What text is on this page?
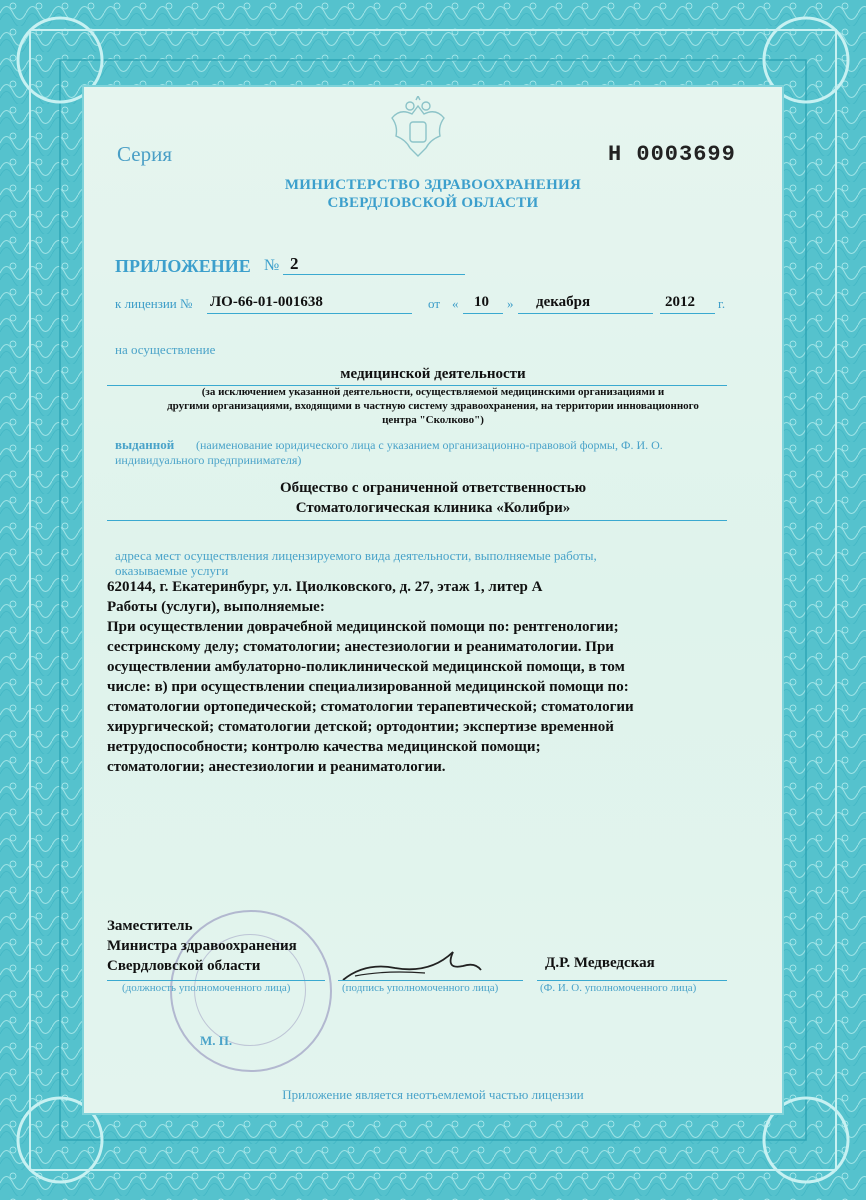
Серия	Н 0003699

МИНИСТЕРСТВО ЗДРАВООХРАНЕНИЯ

СВЕРДЛОВСКОЙ ОБЛАСТИ

ПРИЛОЖЕНИЕ № 2

к лицензии № ЛО-66-01-001638	от « 10 » декабря	2012 г.

на осуществление

медицинской деятельности

(за исключением указанной деятельности, осуществляемой медицинскими организациями и

другими организациями, входящими в частную систему здравоохранения, на территории инновационного

центра "Сколково")

выданной (наименование юридического лица с указанием организационно-правовой формы, Ф. И. О.

индивидуального предпринимателя)

Общество с ограниченной ответственностью

Стоматологическая клиника «Колибри»

адреса мест осуществления лицензируемого вида деятельности, выполняемые работы,

оказываемые услуги

620144, г. Екатеринбург, ул. Циолковского, д. 27, этаж 1, литер А

Работы (услуги), выполняемые:

При осуществлении доврачебной медицинской помощи по: рентгенологии;

сестринскому делу; стоматологии; анестезиологии и реаниматологии. При

осуществлении амбулаторно-поликлинической медицинской помощи, в том

числе: в) при осуществлении специализированной медицинской помощи по:

стоматологии ортопедической; стоматологии терапевтической; стоматологии

хирургической; стоматологии детской; ортодонтии; экспертизе временной

нетрудоспособности; контролю качества медицинской помощи;

стоматологии; анестезиологии и реаниматологии.

Заместитель

Министра здравоохранения

Свердловской области	Д.Р. Медведская

(должность уполномоченного лица)	(подпись уполномоченного лица)	(Ф. И. О. уполномоченного лица)

М. П.

Приложение является неотъемлемой частью лицензии
